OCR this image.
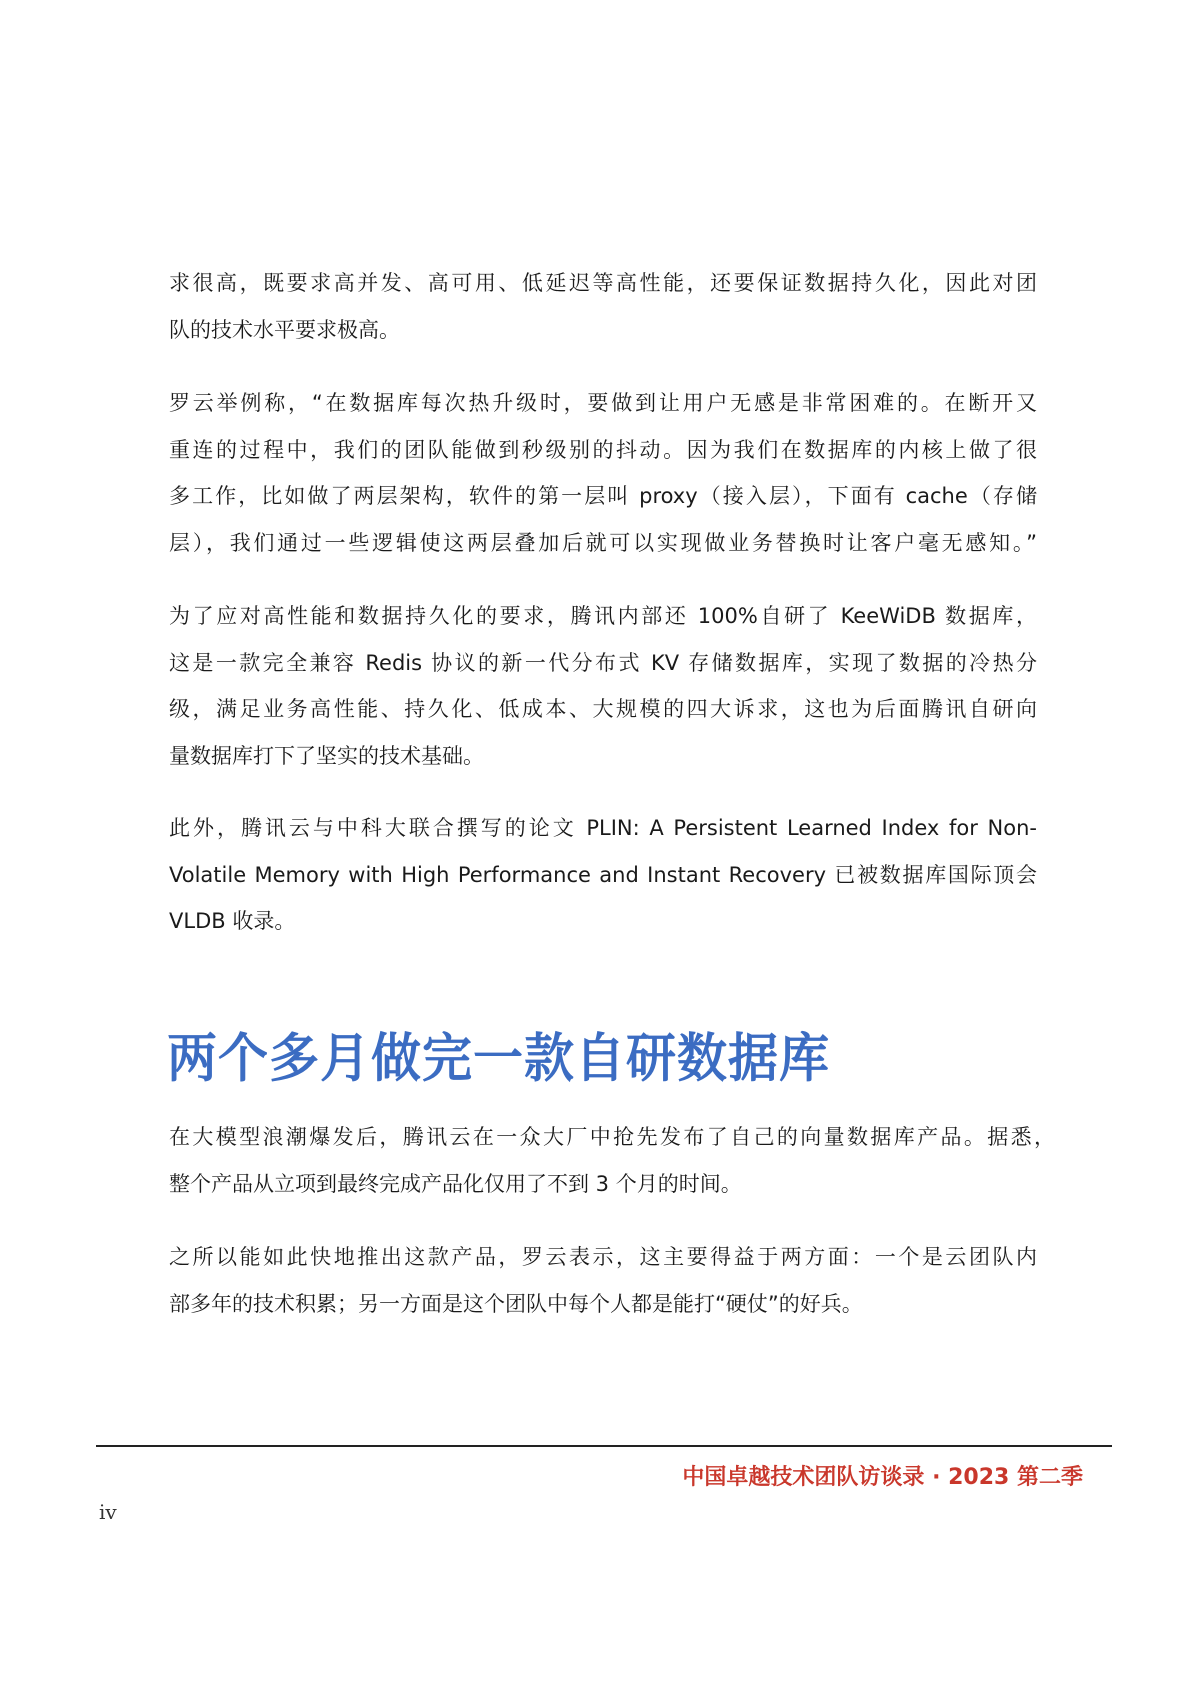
求很高，既要求高并发、高可用、低延迟等高性能，还要保证数据持久化，因此对团
队的技术水平要求极高。
罗云举例称，“在数据库每次热升级时，要做到让用户无感是非常困难的。在断开又
重连的过程中，我们的团队能做到秒级别的抖动。因为我们在数据库的内核上做了很
多工作，比如做了两层架构，软件的第一层叫 proxy（接入层），下面有 cache（存储
层），我们通过一些逻辑使这两层叠加后就可以实现做业务替换时让客户毫无感知。”
为了应对高性能和数据持久化的要求，腾讯内部还 100%自研了 KeeWiDB 数据库，
这是一款完全兼容 Redis 协议的新一代分布式 KV 存储数据库，实现了数据的冷热分
级，满足业务高性能、持久化、低成本、大规模的四大诉求，这也为后面腾讯自研向
量数据库打下了坚实的技术基础。
此外，腾讯云与中科大联合撰写的论文 PLIN: A Persistent Learned Index for Non-
Volatile Memory with High Performance and Instant Recovery 已被数据库国际顶会
VLDB 收录。
两个多月做完一款自研数据库
在大模型浪潮爆发后，腾讯云在一众大厂中抢先发布了自己的向量数据库产品。据悉，
整个产品从立项到最终完成产品化仅用了不到 3 个月的时间。
之所以能如此快地推出这款产品，罗云表示，这主要得益于两方面：一个是云团队内
部多年的技术积累；另一方面是这个团队中每个人都是能打“硬仗”的好兵。
中国卓越技术团队访谈录 · 2023 第二季
iv
